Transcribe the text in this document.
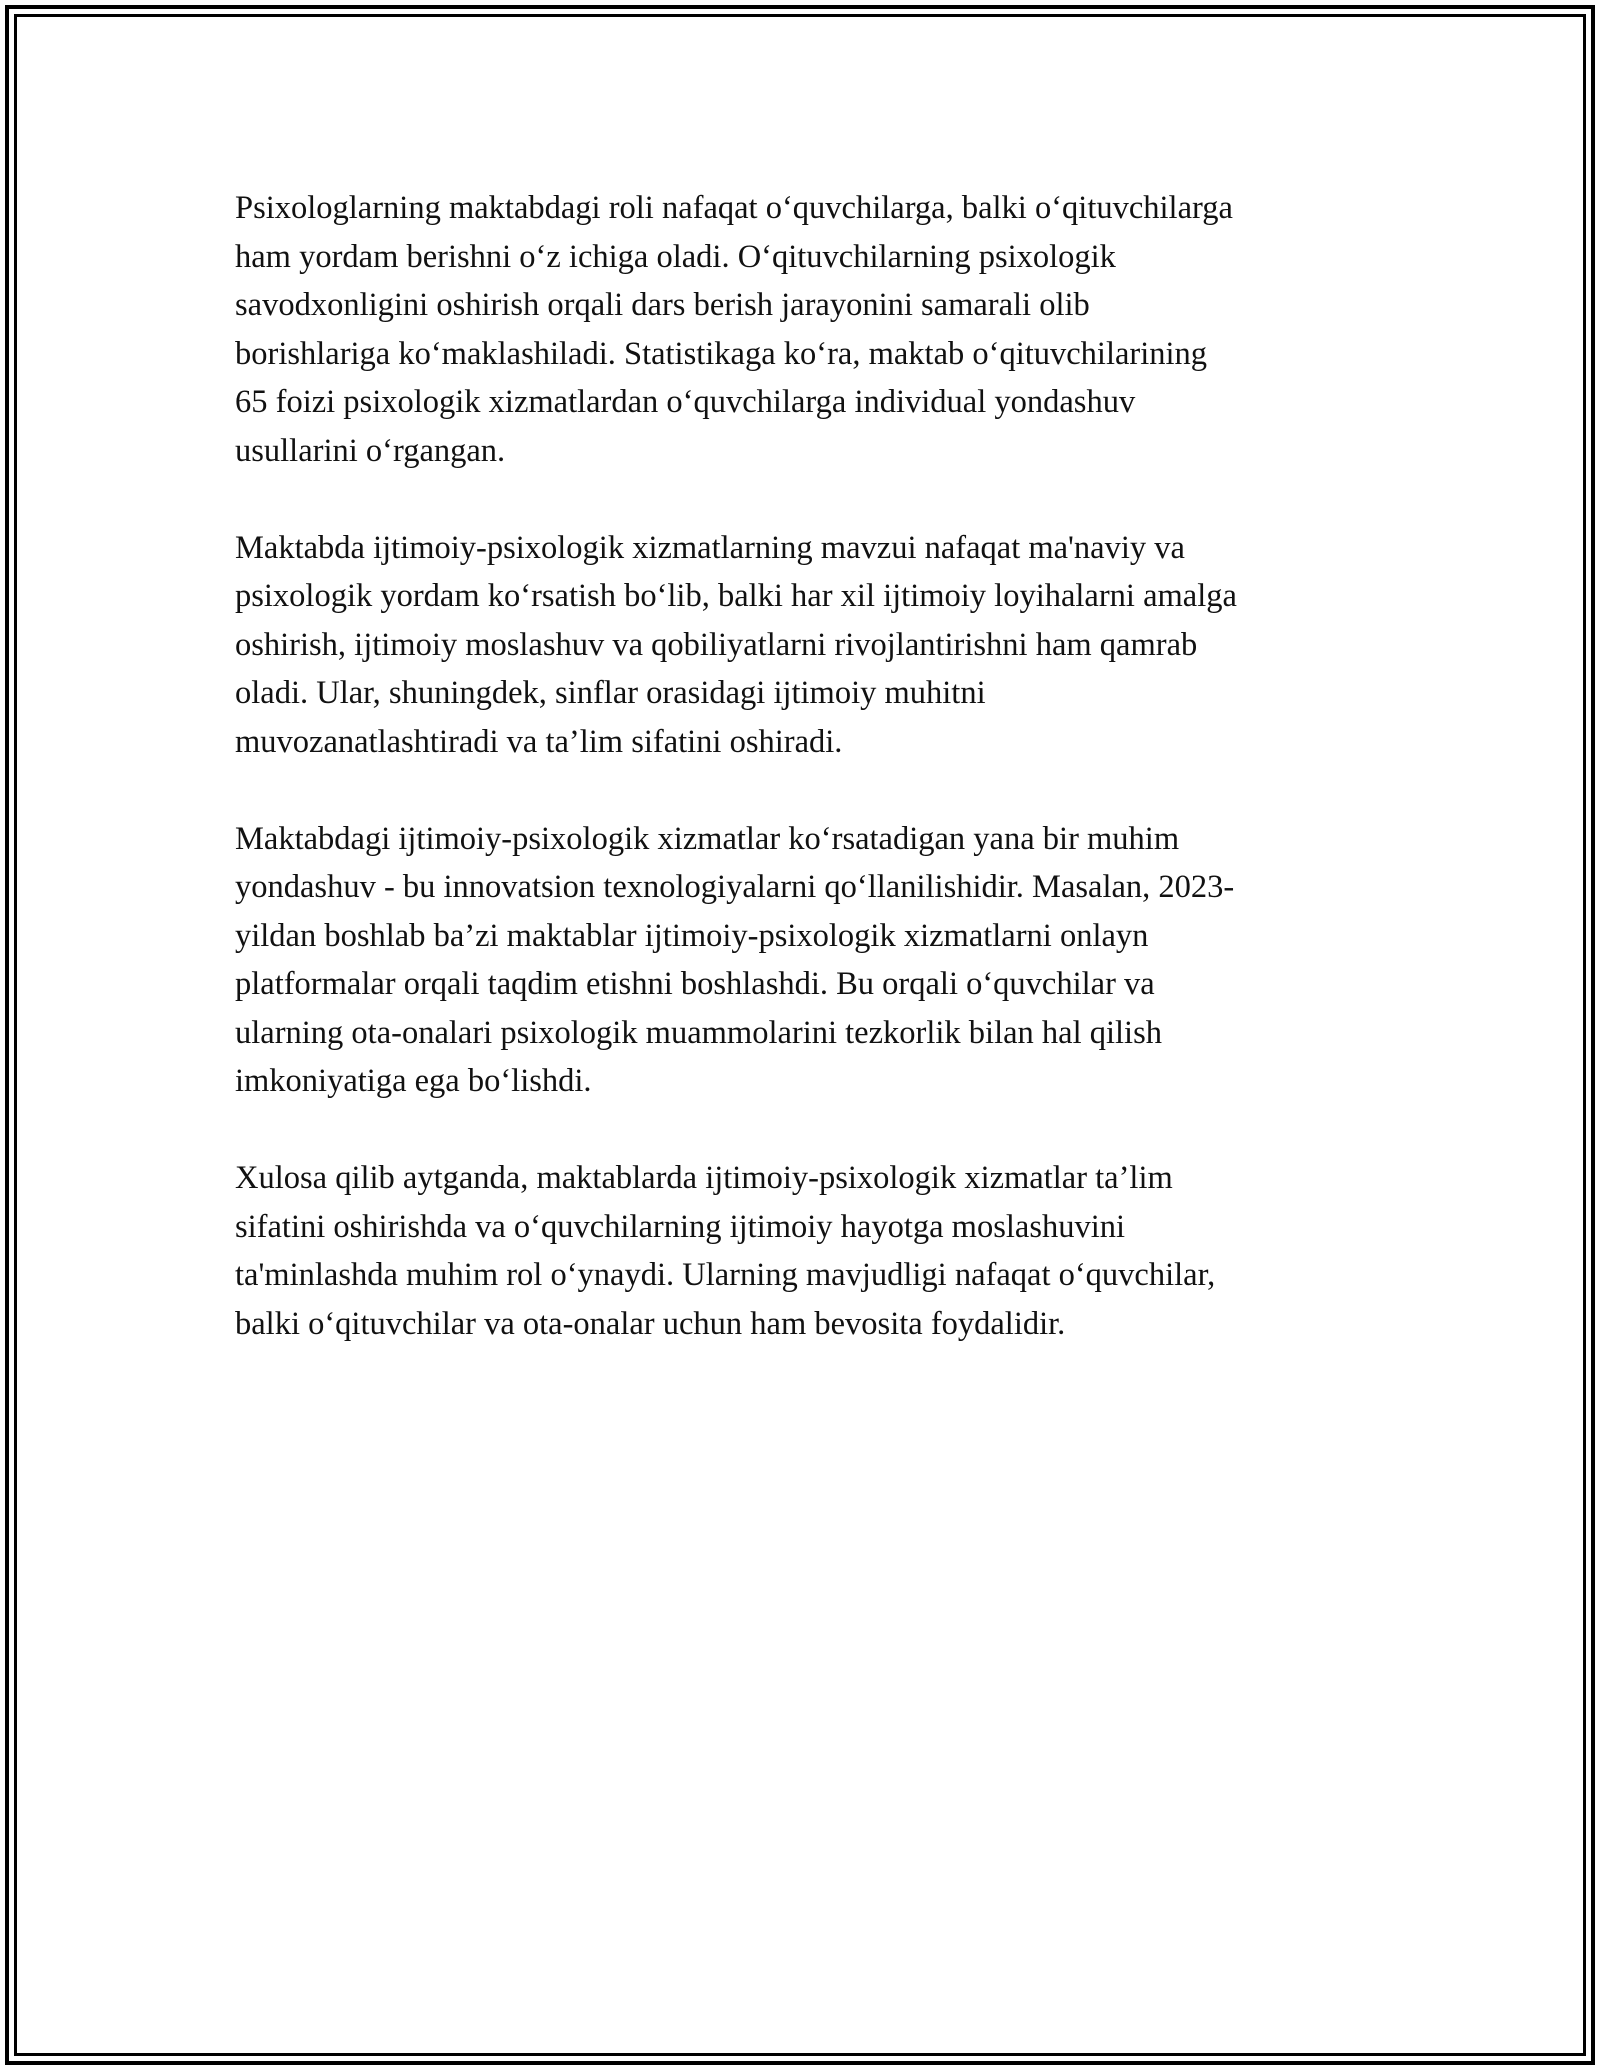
Psixologlarning maktabdagi roli nafaqat o‘quvchilarga, balki o‘qituvchilarga
ham yordam berishni o‘z ichiga oladi. O‘qituvchilarning psixologik
savodxonligini oshirish orqali dars berish jarayonini samarali olib
borishlariga ko‘maklashiladi. Statistikaga ko‘ra, maktab o‘qituvchilarining
65 foizi psixologik xizmatlardan o‘quvchilarga individual yondashuv
usullarini o‘rgangan.

Maktabda ijtimoiy-psixologik xizmatlarning mavzui nafaqat ma'naviy va
psixologik yordam ko‘rsatish bo‘lib, balki har xil ijtimoiy loyihalarni amalga
oshirish, ijtimoiy moslashuv va qobiliyatlarni rivojlantirishni ham qamrab
oladi. Ular, shuningdek, sinflar orasidagi ijtimoiy muhitni
muvozanatlashtiradi va ta’lim sifatini oshiradi.

Maktabdagi ijtimoiy-psixologik xizmatlar ko‘rsatadigan yana bir muhim
yondashuv - bu innovatsion texnologiyalarni qo‘llanilishidir. Masalan, 2023-
yildan boshlab ba’zi maktablar ijtimoiy-psixologik xizmatlarni onlayn
platformalar orqali taqdim etishni boshlashdi. Bu orqali o‘quvchilar va
ularning ota-onalari psixologik muammolarini tezkorlik bilan hal qilish
imkoniyatiga ega bo‘lishdi.

Xulosa qilib aytganda, maktablarda ijtimoiy-psixologik xizmatlar ta’lim
sifatini oshirishda va o‘quvchilarning ijtimoiy hayotga moslashuvini
ta'minlashda muhim rol o‘ynaydi. Ularning mavjudligi nafaqat o‘quvchilar,
balki o‘qituvchilar va ota-onalar uchun ham bevosita foydalidir.
